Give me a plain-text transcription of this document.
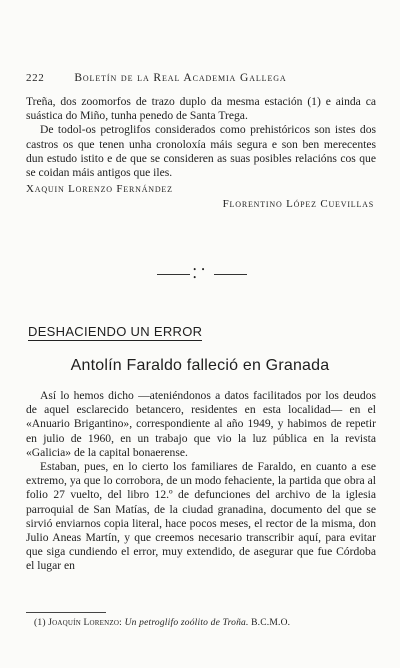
222	Boletín de la Real Academia Gallega

Treña, dos zoomorfos de trazo duplo da mesma estación (1) e ainda ca suástica do Miño, tunha penedo de Santa Trega.

De todol-os petroglifos considerados como prehistóricos son istes dos castros os que tenen unha cronoloxía máis segura e son ben merecentes dun estudo istito e de que se consideren as suas posibles relacións cos que se coidan máis antigos que iles.

Xaquin Lorenzo Fernández
Florentino López Cuevillas
• • •
DESHACIENDO UN ERROR
Antolín Faraldo falleció en Granada

Así lo hemos dicho —ateniéndonos a datos facilitados por los deudos de aquel esclarecido betancero, residentes en esta localidad— en el «Anuario Brigantino», correspondiente al año 1949, y habimos de repetir en julio de 1960, en un trabajo que vio la luz pública en la revista «Galicia» de la capital bonaerense.

Estaban, pues, en lo cierto los familiares de Faraldo, en cuanto a ese extremo, ya que lo corrobora, de un modo fehaciente, la partida que obra al folio 27 vuelto, del libro 12.º de defunciones del archivo de la iglesia parroquial de San Matías, de la ciudad granadina, documento del que se sirvió enviarnos copia literal, hace pocos meses, el rector de la misma, don Julio Aneas Martín, y que creemos necesario transcribir aquí, para evitar que siga cundiendo el error, muy extendido, de asegurar que fue Córdoba el lugar en

(1) Joaquín Lorenzo: Un petroglifo zoólito de Troña. B.C.M.O.
